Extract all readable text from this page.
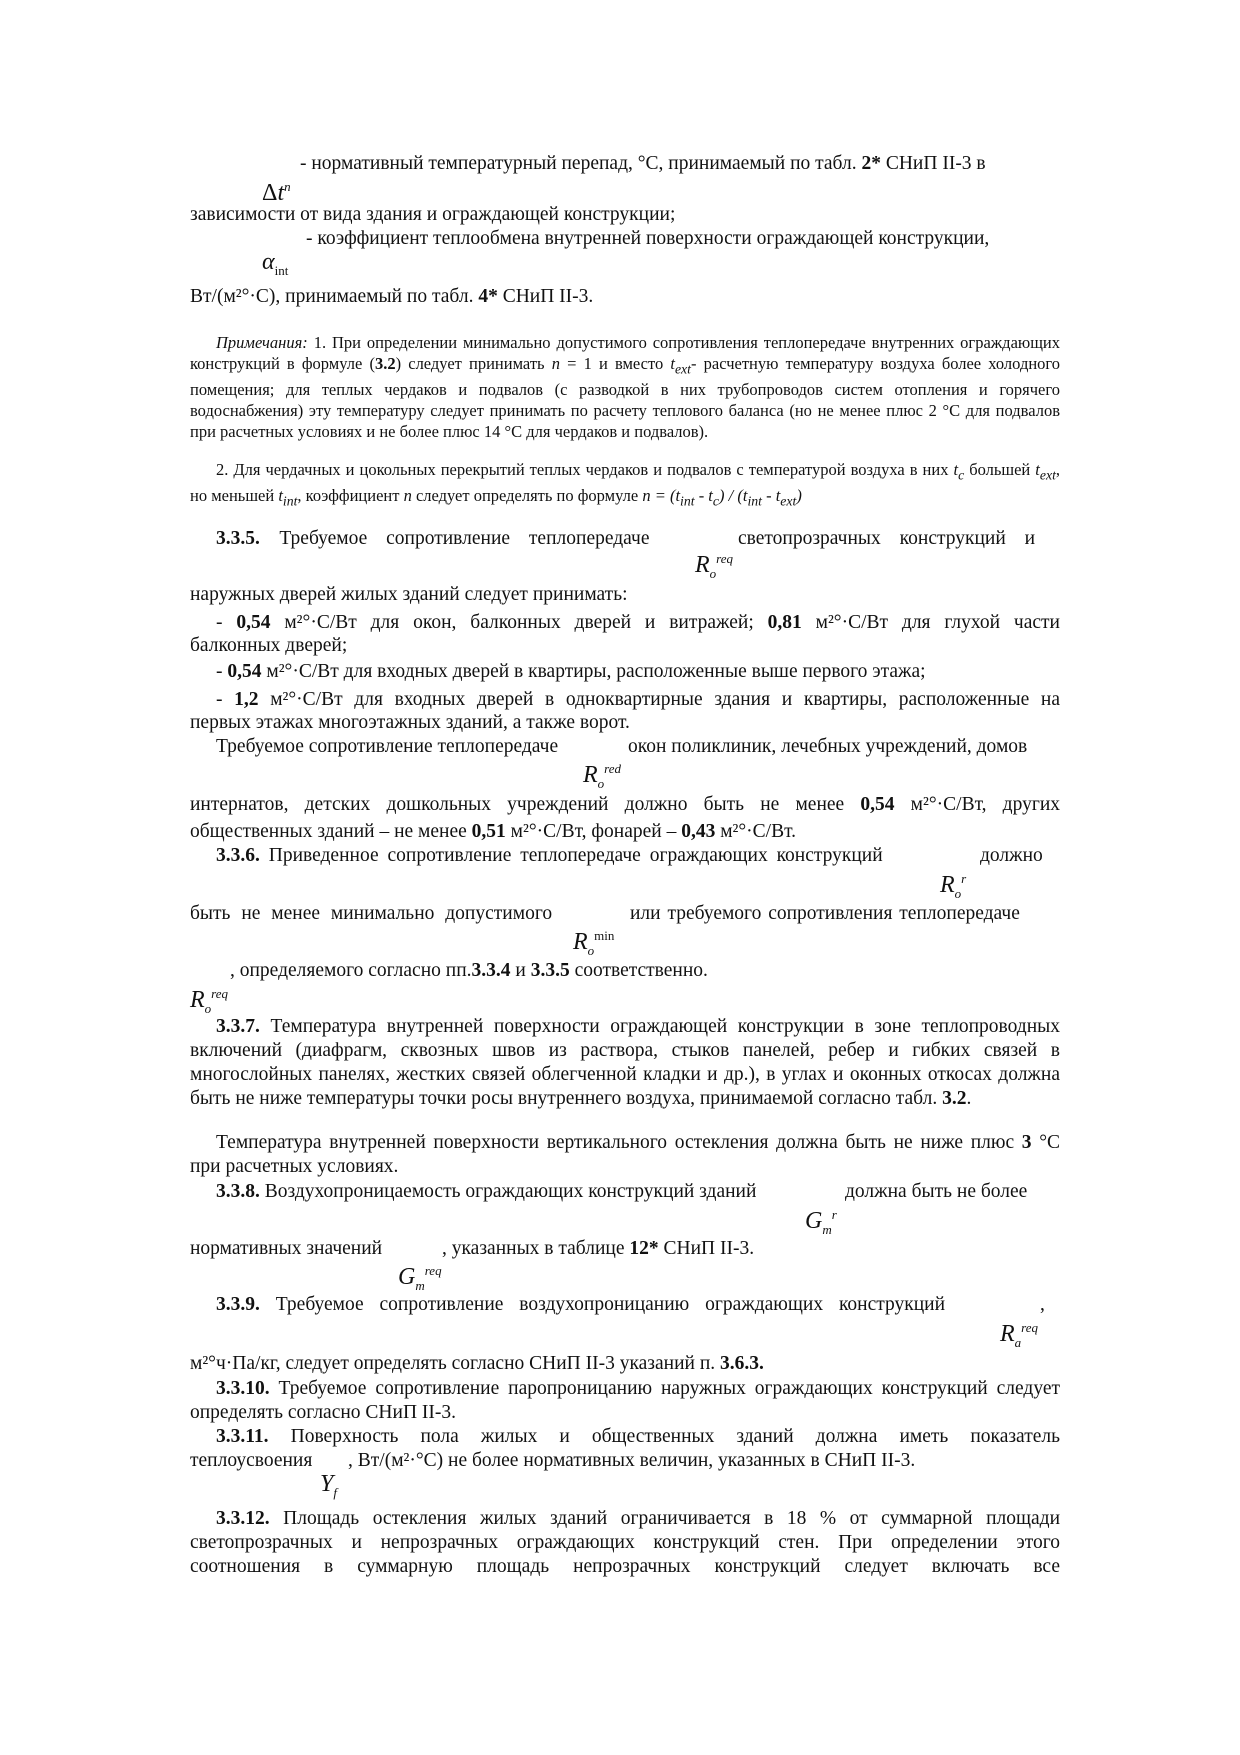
$\Delta t^n$
- нормативный температурный перепад, °С, принимаемый по табл. 2* СНиП II-3 в
зависимости от вида здания и ограждающей конструкции;
$\alpha_{int}$
- коэффициент теплообмена внутренней поверхности ограждающей конструкции,
Вт/(м²°·С), принимаемый по табл. 4* СНиП II-3.
Примечания: 1. При определении минимально допустимого сопротивления теплопередаче внутренних ограждающих конструкций в формуле (3.2) следует принимать n = 1 и вместо $t_{ext}-$ расчетную температуру воздуха более холодного помещения; для теплых чердаков и подвалов (с разводкой в них трубопроводов систем отопления и горячего водоснабжения) эту температуру следует принимать по расчету теплового баланса (но не менее плюс 2 °С для подвалов при расчетных условиях и не более плюс 14 °С для чердаков и подвалов).
2. Для чердачных и цокольных перекрытий теплых чердаков и подвалов с температурой воздуха в них $t_c$ большей $t_{ext}$, но меньшей $t_{int}$, коэффициент n следует определять по формуле $n = (t_{int} - t_c) / (t_{int} - t_{ext})$
3.3.5. Требуемое сопротивление теплопередаче
$R_o^{req}$
светопрозрачных конструкций и
наружных дверей жилых зданий следует принимать:
- 0,54 м²°·С/Вт для окон, балконных дверей и витражей; 0,81 м²°·С/Вт для глухой части
балконных дверей;
- 0,54 м²°·С/Вт для входных дверей в квартиры, расположенные выше первого этажа;
- 1,2 м²°·С/Вт для входных дверей в одноквартирные здания и квартиры, расположенные на
первых этажах многоэтажных зданий, а также ворот.
Требуемое сопротивление теплопередаче
$R_o^{red}$
окон поликлиник, лечебных учреждений, домов
интернатов, детских дошкольных учреждений должно быть не менее 0,54 м²°·С/Вт, других
общественных зданий – не менее 0,51 м²°·С/Вт, фонарей – 0,43 м²°·С/Вт.
3.3.6. Приведенное сопротивление теплопередаче ограждающих конструкций
$R_o^r$
должно
быть не менее минимально допустимого
$R_o^{min}$
или требуемого сопротивления теплопередаче
$R_o^{req}$
, определяемого согласно пп.3.3.4 и 3.3.5 соответственно.
3.3.7. Температура внутренней поверхности ограждающей конструкции в зоне теплопроводных включений (диафрагм, сквозных швов из раствора, стыков панелей, ребер и гибких связей в многослойных панелях, жестких связей облегченной кладки и др.), в углах и оконных откосах должна быть не ниже температуры точки росы внутреннего воздуха, принимаемой согласно табл. 3.2.
Температура внутренней поверхности вертикального остекления должна быть не ниже плюс 3 °С при расчетных условиях.
3.3.8. Воздухопроницаемость ограждающих конструкций зданий
$G_m^r$
должна быть не более
нормативных значений
$G_m^{req}$
, указанных в таблице 12* СНиП II-3.
3.3.9. Требуемое сопротивление воздухопроницанию ограждающих конструкций
$R_a^{req}$
,
м²°ч·Па/кг, следует определять согласно СНиП II-3 указаний п. 3.6.3.
3.3.10. Требуемое сопротивление паропроницанию наружных ограждающих конструкций следует определять согласно СНиП II-3.
3.3.11. Поверхность пола жилых и общественных зданий должна иметь показатель
теплоусвоения
$Y_f$
, Вт/(м²·°С) не более нормативных величин, указанных в СНиП II-3.
3.3.12. Площадь остекления жилых зданий ограничивается в 18 % от суммарной площади светопрозрачных и непрозрачных ограждающих конструкций стен. При определении этого соотношения в суммарную площадь непрозрачных конструкций следует включать все
